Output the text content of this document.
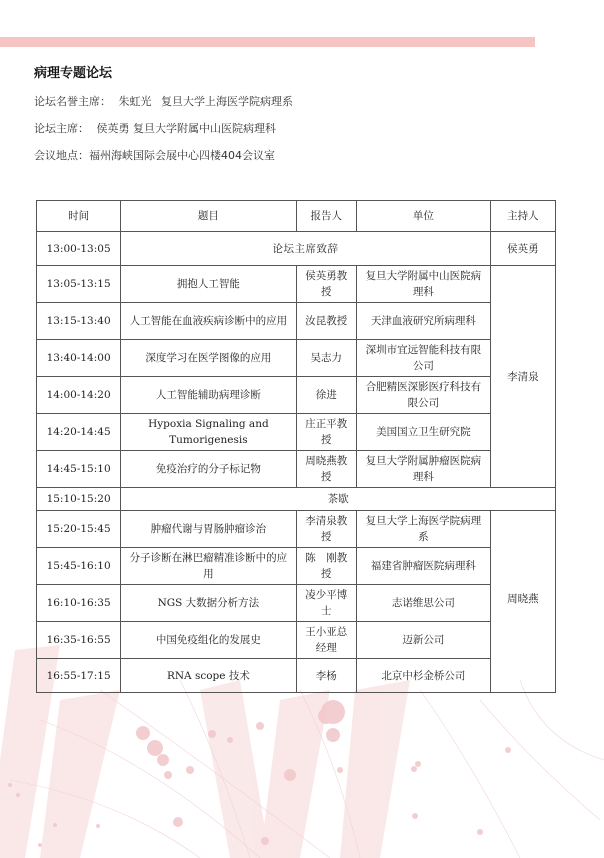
病理专题论坛
论坛名誉主席： 朱虹光 复旦大学上海医学院病理系
论坛主席： 侯英勇 复旦大学附属中山医院病理科
会议地点：福州海峡国际会展中心四楼404会议室
时间	题目	报告人	单位	主持人
13:00-13:05	论坛主席致辞			侯英勇
13:05-13:15	拥抱人工智能	侯英勇教授	复旦大学附属中山医院病理科	李清泉
13:15-13:40	人工智能在血液疾病诊断中的应用	汝昆教授	天津血液研究所病理科	
13:40-14:00	深度学习在医学图像的应用	吴志力	深圳市宜远智能科技有限公司	
14:00-14:20	人工智能辅助病理诊断	徐进	合肥精医深影医疗科技有限公司	
14:20-14:45	Hypoxia Signaling and Tumorigenesis	庄正平教授	美国国立卫生研究院	
14:45-15:10	免疫治疗的分子标记物	周晓燕教授	复旦大学附属肿瘤医院病理科	
15:10-15:20	茶歇			
15:20-15:45	肿瘤代谢与胃肠肿瘤诊治	李清泉教授	复旦大学上海医学院病理系	周晓燕
15:45-16:10	分子诊断在淋巴瘤精准诊断中的应用	陈　刚教授	福建省肿瘤医院病理科	
16:10-16:35	NGS 大数据分析方法	凌少平博士	志诺维思公司	
16:35-16:55	中国免疫组化的发展史	王小亚总经理	迈新公司	
16:55-17:15	RNA scope 技术	李杨	北京中杉金桥公司	
